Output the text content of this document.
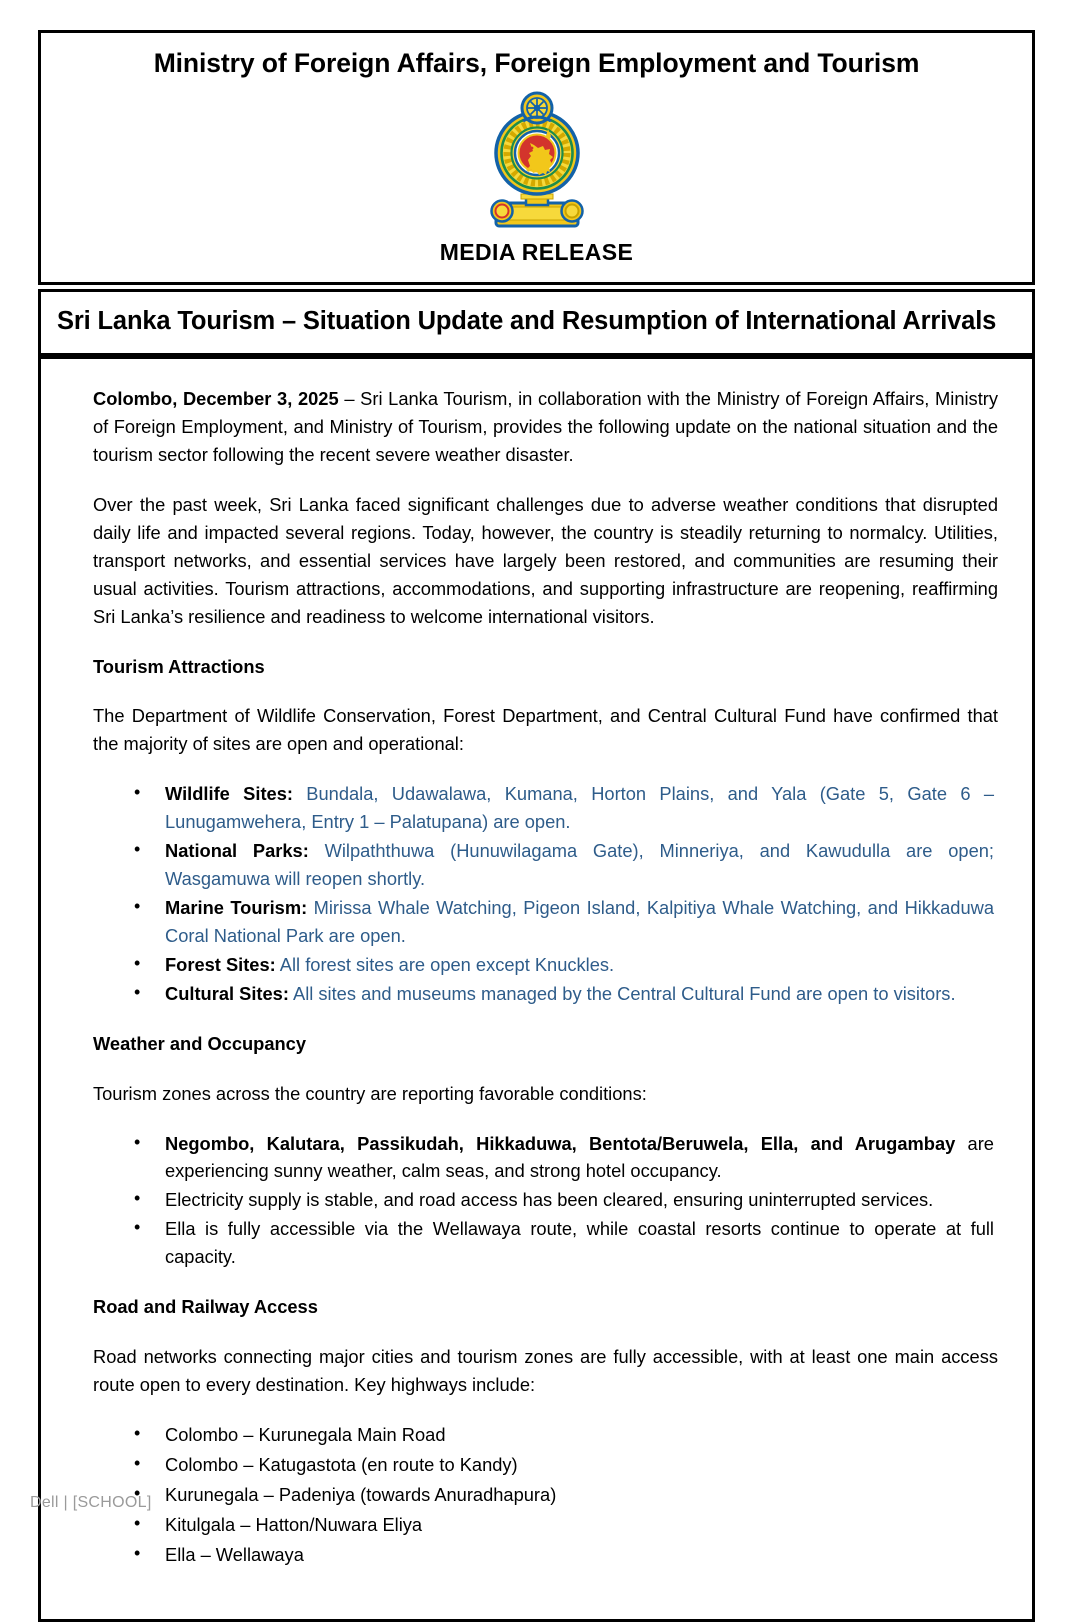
Ministry of Foreign Affairs, Foreign Employment and Tourism
MEDIA RELEASE
Sri Lanka Tourism – Situation Update and Resumption of International Arrivals

Colombo, December 3, 2025 – Sri Lanka Tourism, in collaboration with the Ministry of Foreign Affairs, Ministry of Foreign Employment, and Ministry of Tourism, provides the following update on the national situation and the tourism sector following the recent severe weather disaster.

Over the past week, Sri Lanka faced significant challenges due to adverse weather conditions that disrupted daily life and impacted several regions. Today, however, the country is steadily returning to normalcy. Utilities, transport networks, and essential services have largely been restored, and communities are resuming their usual activities. Tourism attractions, accommodations, and supporting infrastructure are reopening, reaffirming Sri Lanka’s resilience and readiness to welcome international visitors.

Tourism Attractions

The Department of Wildlife Conservation, Forest Department, and Central Cultural Fund have confirmed that the majority of sites are open and operational:

• Wildlife Sites: Bundala, Udawalawa, Kumana, Horton Plains, and Yala (Gate 5, Gate 6 – Lunugamwehera, Entry 1 – Palatupana) are open.
• National Parks: Wilpaththuwa (Hunuwilagama Gate), Minneriya, and Kawudulla are open; Wasgamuwa will reopen shortly.
• Marine Tourism: Mirissa Whale Watching, Pigeon Island, Kalpitiya Whale Watching, and Hikkaduwa Coral National Park are open.
• Forest Sites: All forest sites are open except Knuckles.
• Cultural Sites: All sites and museums managed by the Central Cultural Fund are open to visitors.
Weather and Occupancy

Tourism zones across the country are reporting favorable conditions:

• Negombo, Kalutara, Passikudah, Hikkaduwa, Bentota/Beruwela, Ella, and Arugambay are experiencing sunny weather, calm seas, and strong hotel occupancy.
• Electricity supply is stable, and road access has been cleared, ensuring uninterrupted services.
• Ella is fully accessible via the Wellawaya route, while coastal resorts continue to operate at full capacity.
Road and Railway Access

Road networks connecting major cities and tourism zones are fully accessible, with at least one main access route open to every destination. Key highways include:

• Colombo – Kurunegala Main Road
• Colombo – Katugastota (en route to Kandy)
• Kurunegala – Padeniya (towards Anuradhapura)
• Kitulgala – Hatton/Nuwara Eliya
• Ella – Wellawaya
Dell | [SCHOOL]
